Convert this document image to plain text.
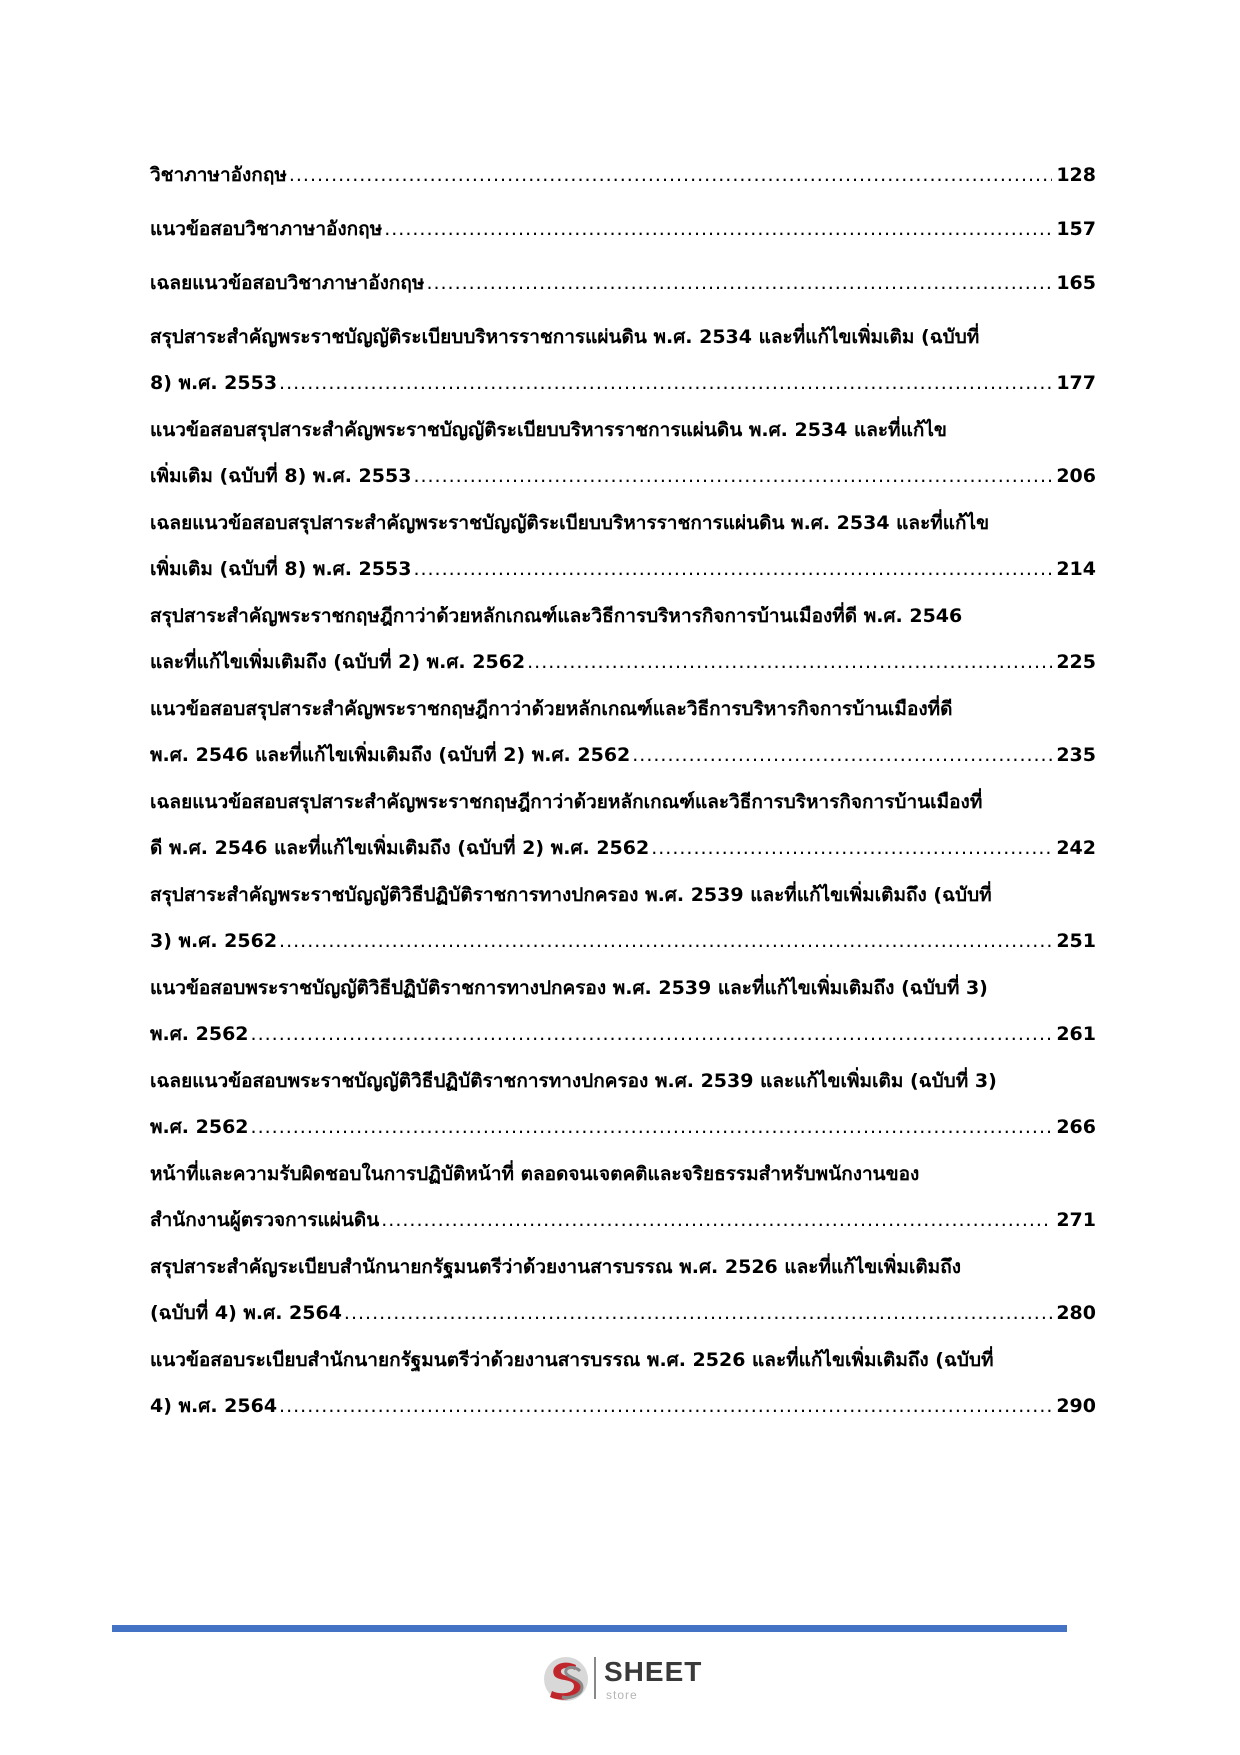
วิชาภาษาอังกฤษ .....	128
แนวข้อสอบวิชาภาษาอังกฤษ .....	157
เฉลยแนวข้อสอบวิชาภาษาอังกฤษ .....	165
สรุปสาระสำคัญพระราชบัญญัติระเบียบบริหารราชการแผ่นดิน พ.ศ. 2534 และที่แก้ไขเพิ่มเติม (ฉบับที่
8) พ.ศ. 2553 .....	177
แนวข้อสอบสรุปสาระสำคัญพระราชบัญญัติระเบียบบริหารราชการแผ่นดิน พ.ศ. 2534 และที่แก้ไข
เพิ่มเติม (ฉบับที่ 8) พ.ศ. 2553 .....	206
เฉลยแนวข้อสอบสรุปสาระสำคัญพระราชบัญญัติระเบียบบริหารราชการแผ่นดิน พ.ศ. 2534 และที่แก้ไข
เพิ่มเติม (ฉบับที่ 8) พ.ศ. 2553 .....	214
สรุปสาระสำคัญพระราชกฤษฎีกาว่าด้วยหลักเกณฑ์และวิธีการบริหารกิจการบ้านเมืองที่ดี พ.ศ. 2546
และที่แก้ไขเพิ่มเติมถึง (ฉบับที่ 2) พ.ศ. 2562 .....	225
แนวข้อสอบสรุปสาระสำคัญพระราชกฤษฎีกาว่าด้วยหลักเกณฑ์และวิธีการบริหารกิจการบ้านเมืองที่ดี
พ.ศ. 2546 และที่แก้ไขเพิ่มเติมถึง (ฉบับที่ 2) พ.ศ. 2562 .....	235
เฉลยแนวข้อสอบสรุปสาระสำคัญพระราชกฤษฎีกาว่าด้วยหลักเกณฑ์และวิธีการบริหารกิจการบ้านเมืองที่
ดี พ.ศ. 2546 และที่แก้ไขเพิ่มเติมถึง (ฉบับที่ 2) พ.ศ. 2562 .....	242
สรุปสาระสำคัญพระราชบัญญัติวิธีปฏิบัติราชการทางปกครอง พ.ศ. 2539 และที่แก้ไขเพิ่มเติมถึง (ฉบับที่
3) พ.ศ. 2562 .....	251
แนวข้อสอบพระราชบัญญัติวิธีปฏิบัติราชการทางปกครอง พ.ศ. 2539 และที่แก้ไขเพิ่มเติมถึง (ฉบับที่ 3)
พ.ศ. 2562 .....	261
เฉลยแนวข้อสอบพระราชบัญญัติวิธีปฏิบัติราชการทางปกครอง พ.ศ. 2539 และแก้ไขเพิ่มเติม (ฉบับที่ 3)
พ.ศ. 2562 .....	266
หน้าที่และความรับผิดชอบในการปฏิบัติหน้าที่ ตลอดจนเจตคติและจริยธรรมสำหรับพนักงานของ
สำนักงานผู้ตรวจการแผ่นดิน .....	271
สรุปสาระสำคัญระเบียบสำนักนายกรัฐมนตรีว่าด้วยงานสารบรรณ พ.ศ. 2526 และที่แก้ไขเพิ่มเติมถึง
(ฉบับที่ 4) พ.ศ. 2564 .....	280
แนวข้อสอบระเบียบสำนักนายกรัฐมนตรีว่าด้วยงานสารบรรณ พ.ศ. 2526 และที่แก้ไขเพิ่มเติมถึง (ฉบับที่
4) พ.ศ. 2564 .....	290
SHEET
store
